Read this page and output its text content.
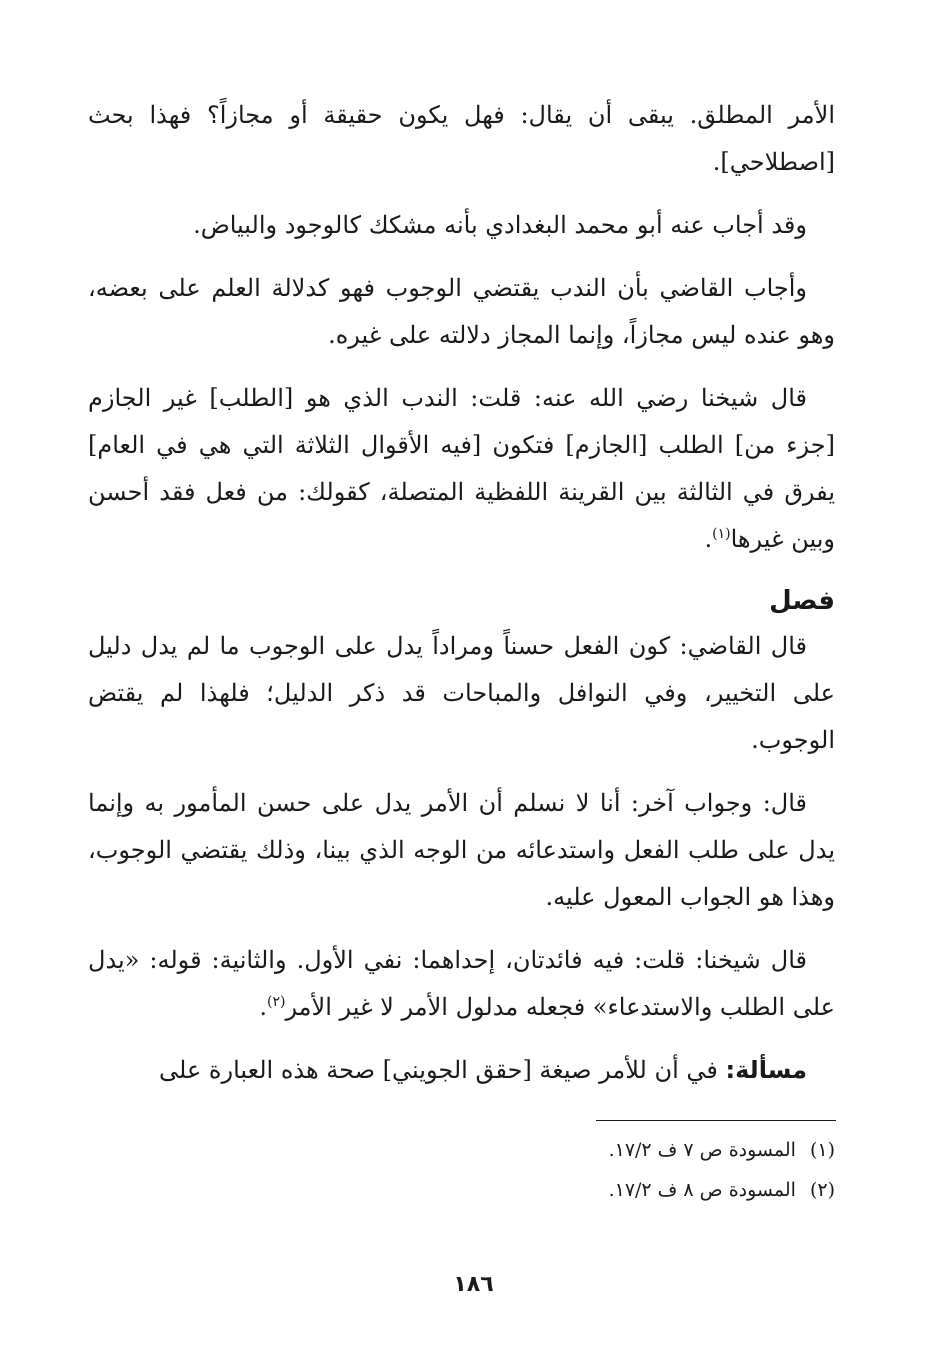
الأمر المطلق. يبقى أن يقال: فهل يكون حقيقة أو مجازاً؟ فهذا بحث [اصطلاحي].

وقد أجاب عنه أبو محمد البغدادي بأنه مشكك كالوجود والبياض.

وأجاب القاضي بأن الندب يقتضي الوجوب فهو كدلالة العلم على بعضه، وهو عنده ليس مجازاً، وإنما المجاز دلالته على غيره.

قال شيخنا رضي الله عنه: قلت: الندب الذي هو [الطلب] غير الجازم [جزء من] الطلب [الجازم] فتكون [فيه الأقوال الثلاثة التي هي في العام] يفرق في الثالثة بين القرينة اللفظية المتصلة، كقولك: من فعل فقد أحسن وبين غيرها$^{(١)}$.

فصل

قال القاضي: كون الفعل حسناً ومراداً يدل على الوجوب ما لم يدل دليل على التخيير، وفي النوافل والمباحات قد ذكر الدليل؛ فلهذا لم يقتض الوجوب.

قال: وجواب آخر: أنا لا نسلم أن الأمر يدل على حسن المأمور به وإنما يدل على طلب الفعل واستدعائه من الوجه الذي بينا، وذلك يقتضي الوجوب، وهذا هو الجواب المعول عليه.

قال شيخنا: قلت: فيه فائدتان، إحداهما: نفي الأول. والثانية: قوله: «يدل على الطلب والاستدعاء» فجعله مدلول الأمر لا غير الأمر$^{(٢)}$.

مسألة: في أن للأمر صيغة [حقق الجويني] صحة هذه العبارة على

(١)المسودة ص ٧ ف ١٧/٢.

(٢)المسودة ص ٨ ف ١٧/٢.

١٨٦
